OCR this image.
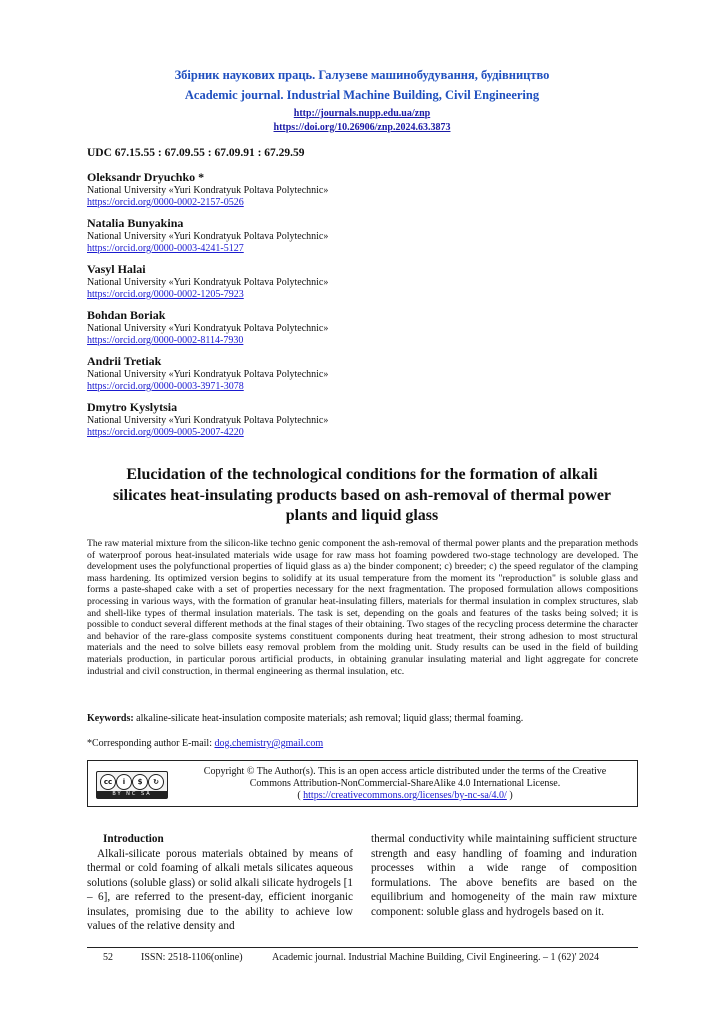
Збірник наукових праць. Галузеве машинобудування, будівництво
Academic journal. Industrial Machine Building, Civil Engineering
http://journals.nupp.edu.ua/znp
https://doi.org/10.26906/znp.2024.63.3873
UDC 67.15.55 : 67.09.55 : 67.09.91 : 67.29.59
Oleksandr Dryuchko *
National University «Yuri Kondratyuk Poltava Polytechnic»
https://orcid.org/0000-0002-2157-0526
Natalia Bunyakina
National University «Yuri Kondratyuk Poltava Polytechnic»
https://orcid.org/0000-0003-4241-5127
Vasyl Halai
National University «Yuri Kondratyuk Poltava Polytechnic»
https://orcid.org/0000-0002-1205-7923
Bohdan Boriak
National University «Yuri Kondratyuk Poltava Polytechnic»
https://orcid.org/0000-0002-8114-7930
Andrii Tretiak
National University «Yuri Kondratyuk Poltava Polytechnic»
https://orcid.org/0000-0003-3971-3078
Dmytro Kyslytsia
National University «Yuri Kondratyuk Poltava Polytechnic»
https://orcid.org/0009-0005-2007-4220
Elucidation of the technological conditions for the formation of alkali silicates heat-insulating products based on ash-removal of thermal power plants and liquid glass
The raw material mixture from the silicon-like techno genic component the ash-removal of thermal power plants and the preparation methods of waterproof porous heat-insulated materials wide usage for raw mass hot foaming powdered two-stage technology are developed. The development uses the polyfunctional properties of liquid glass as a) the binder component; c) breeder; c) the speed regulator of the clamping mass hardening. Its optimized version begins to solidify at its usual temperature from the moment its "reproduction" is soluble glass and forms a paste-shaped cake with a set of properties necessary for the next fragmentation. The proposed formulation allows compositions processing in various ways, with the formation of granular heat-insulating fillers, materials for thermal insulation in complex structures, slab and shell-like types of thermal insulation materials. The task is set, depending on the goals and features of the tasks being solved; it is possible to conduct several different methods at the final stages of their obtaining. Two stages of the recycling process determine the character and behavior of the rare-glass composite systems constituent components during heat treatment, their strong adhesion to most structural materials and the need to solve billets easy removal problem from the molding unit. Study results can be used in the field of building materials production, in particular porous artificial products, in obtaining granular insulating material and light aggregate for concrete industrial and civil construction, in thermal engineering as thermal insulation, etc.
Keywords: alkaline-silicate heat-insulation composite materials; ash removal; liquid glass; thermal foaming.
*Corresponding author E-mail: dog.chemistry@gmail.com
cc	i	$	↻
BY NC SA
Copyright © The Author(s). This is an open access article distributed under the terms of the Creative
Commons Attribution-NonCommercial-ShareAlike 4.0 International License.
( https://creativecommons.org/licenses/by-nc-sa/4.0/ )
Introduction
Alkali-silicate porous materials obtained by means of thermal or cold foaming of alkali metals silicates aqueous solutions (soluble glass) or solid alkali silicate hydrogels [1 – 6], are referred to the present-day, efficient inorganic insulates, promising due to the ability to achieve low values of the relative density and
thermal conductivity while maintaining sufficient structure strength and easy handling of foaming and induration processes within a wide range of composition formulations. The above benefits are based on the equilibrium and homogeneity of the main raw mixture component: soluble glass and hydrogels based on it.
52	ISSN: 2518-1106(online)	Academic journal. Industrial Machine Building, Civil Engineering. – 1 (62)' 2024
